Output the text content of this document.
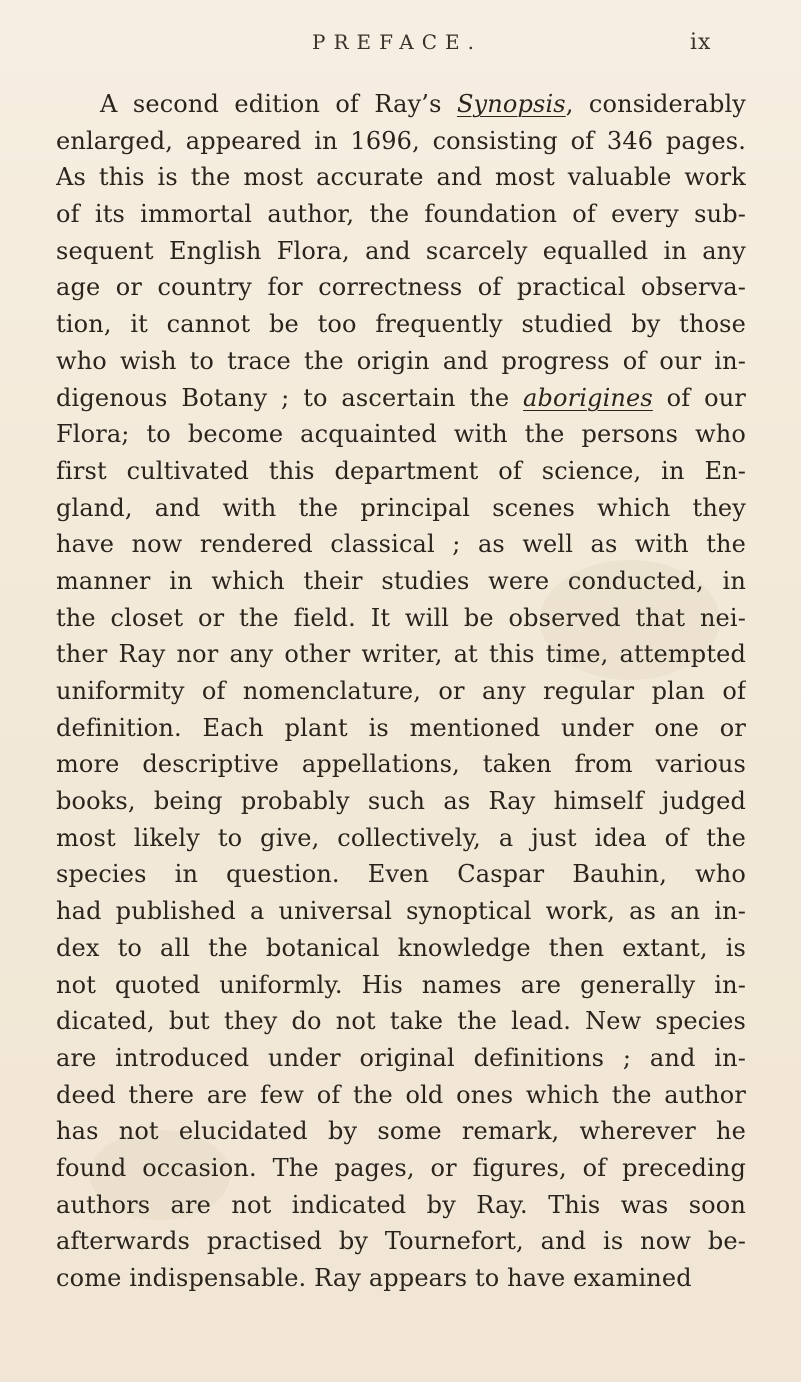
PREFACE.	ix
A second edition of Ray’s Synopsis, considerably
enlarged, appeared in 1696, consisting of 346 pages.
As this is the most accurate and most valuable work
of its immortal author, the foundation of every sub-
sequent English Flora, and scarcely equalled in any
age or country for correctness of practical observa-
tion, it cannot be too frequently studied by those
who wish to trace the origin and progress of our in-
digenous Botany ; to ascertain the aborigines of our
Flora; to become acquainted with the persons who
first cultivated this department of science, in En-
gland, and with the principal scenes which they
have now rendered classical ; as well as with the
manner in which their studies were conducted, in
the closet or the field. It will be observed that nei-
ther Ray nor any other writer, at this time, attempted
uniformity of nomenclature, or any regular plan of
definition. Each plant is mentioned under one or
more descriptive appellations, taken from various
books, being probably such as Ray himself judged
most likely to give, collectively, a just idea of the
species in question. Even Caspar Bauhin, who
had published a universal synoptical work, as an in-
dex to all the botanical knowledge then extant, is
not quoted uniformly. His names are generally in-
dicated, but they do not take the lead. New species
are introduced under original definitions ; and in-
deed there are few of the old ones which the author
has not elucidated by some remark, wherever he
found occasion. The pages, or figures, of preceding
authors are not indicated by Ray. This was soon
afterwards practised by Tournefort, and is now be-
come indispensable. Ray appears to have examined
